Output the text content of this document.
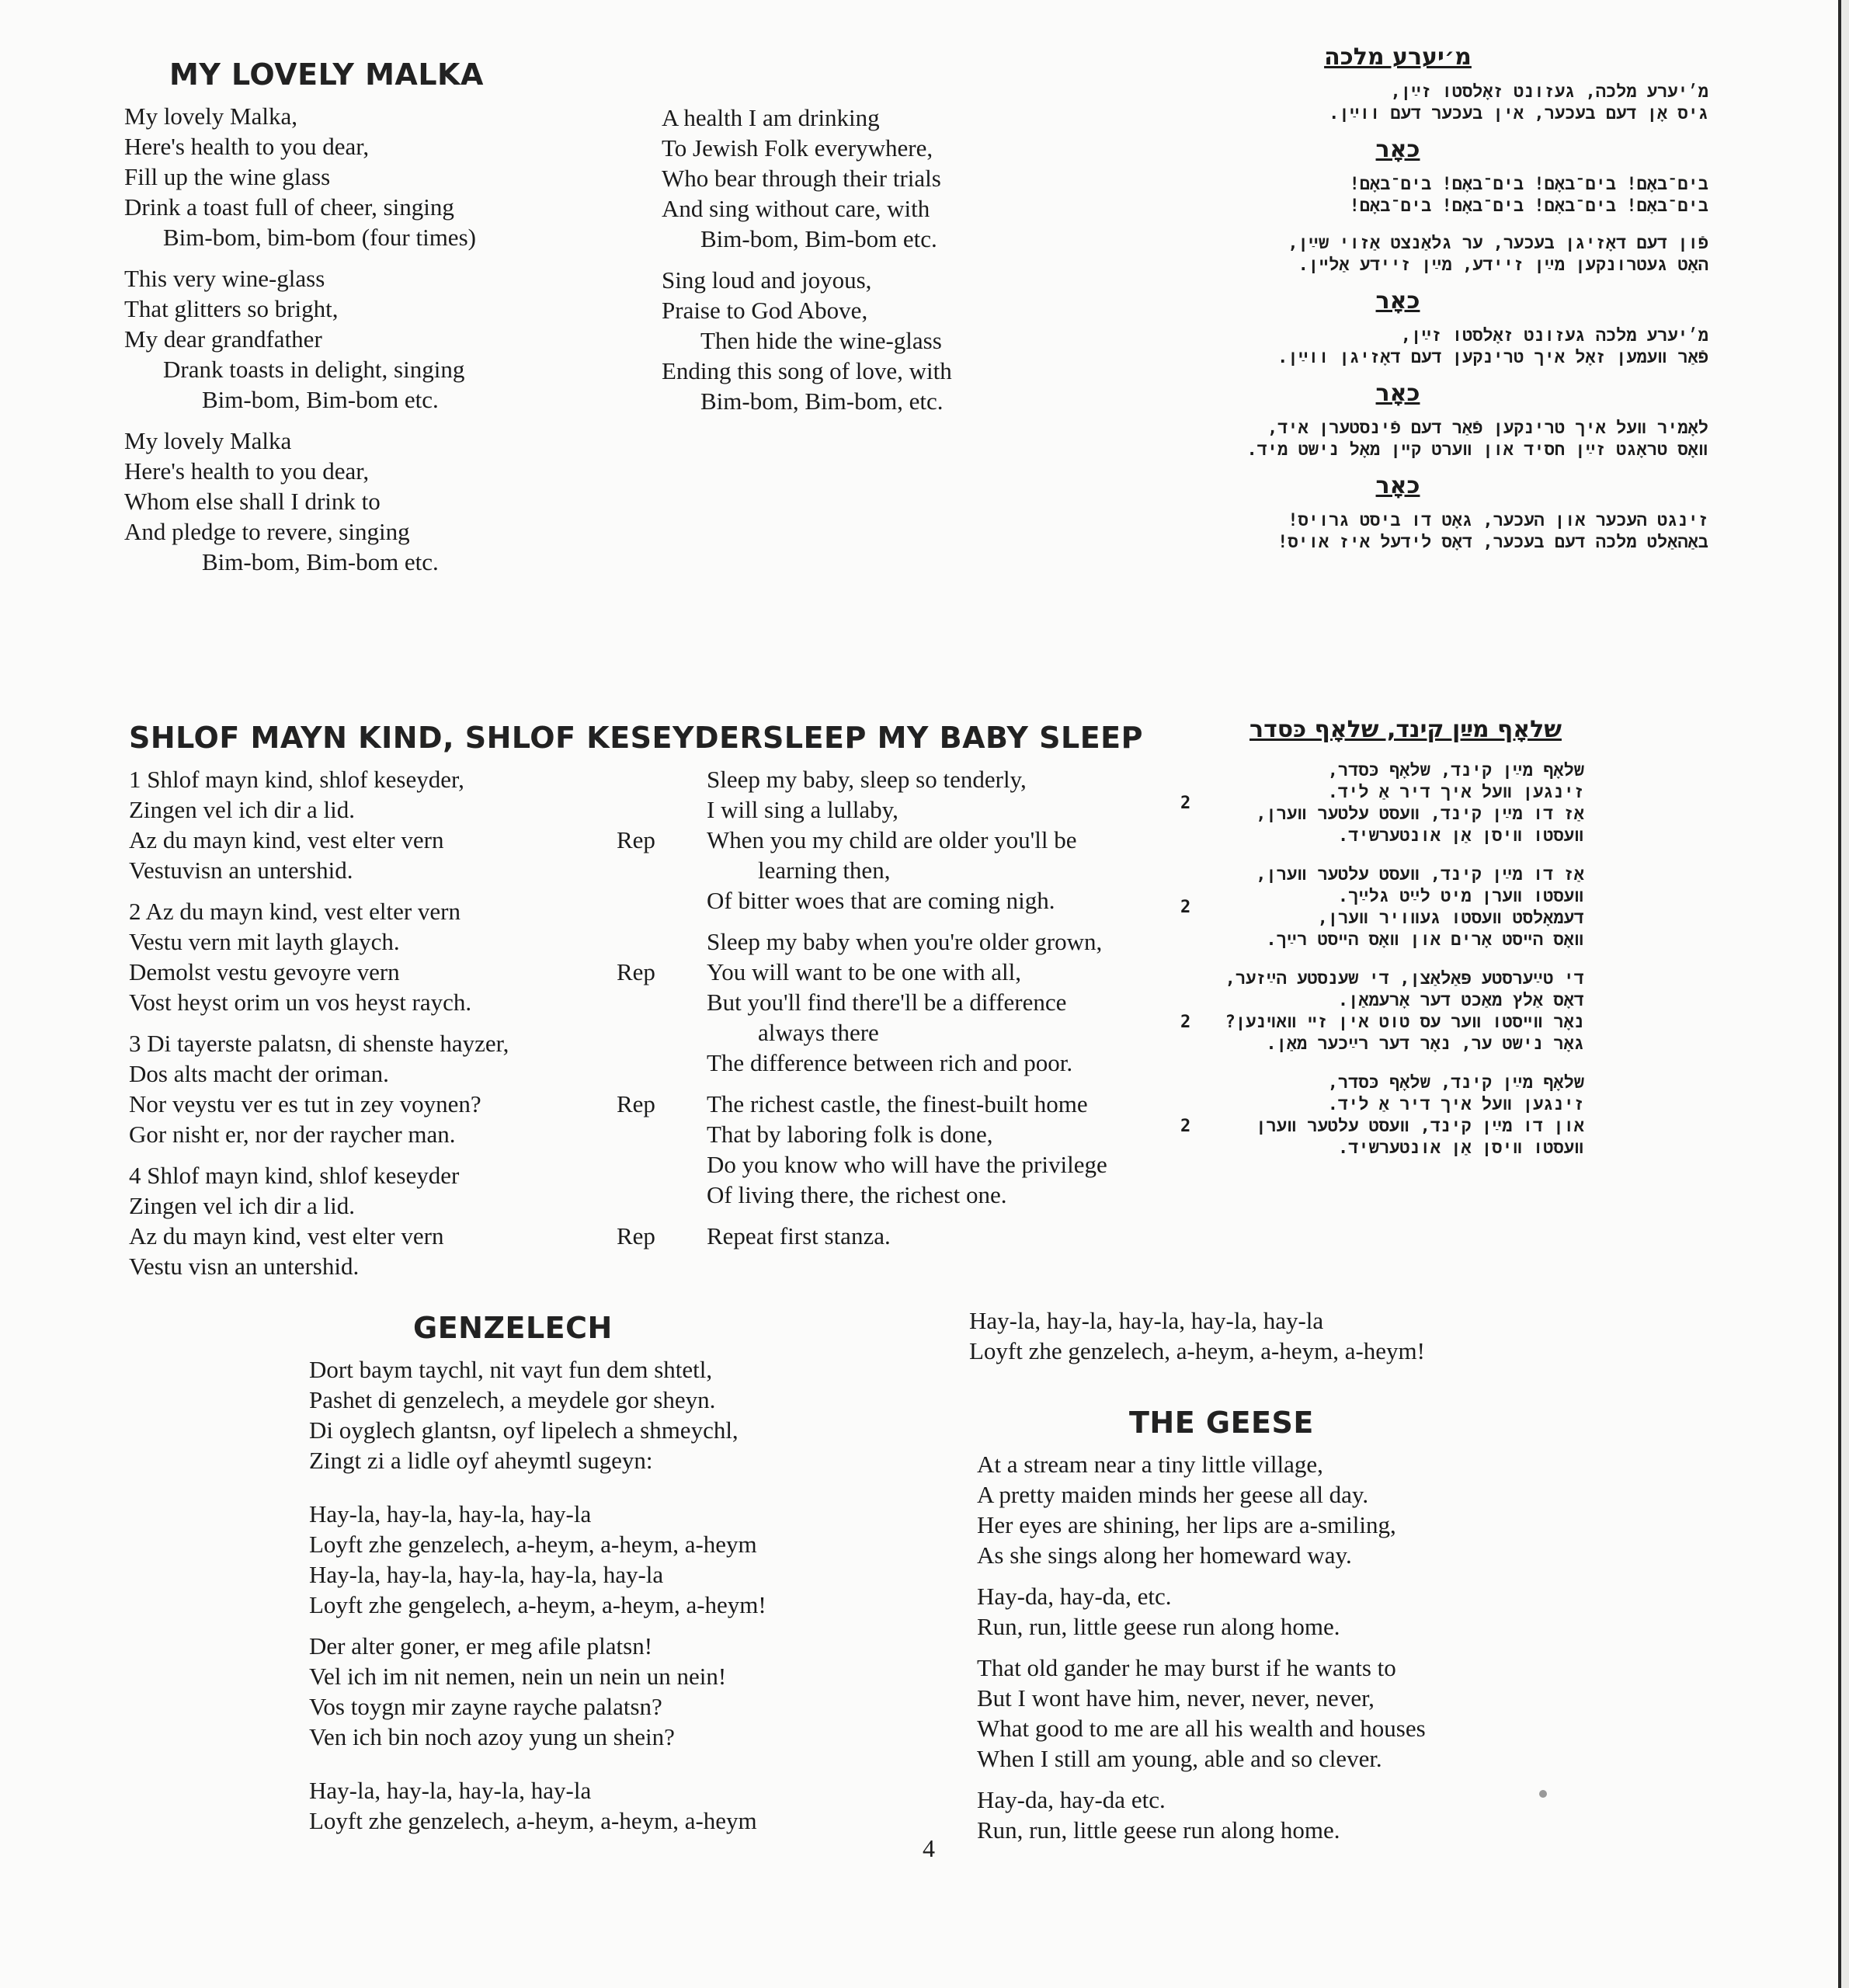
MY LOVELY MALKA
My lovely Malka,
Here's health to you dear,
Fill up the wine glass
Drink a toast full of cheer, singing
Bim-bom, bim-bom (four times)
This very wine-glass
That glitters so bright,
My dear grandfather
Drank toasts in delight, singing
Bim-bom, Bim-bom etc.
My lovely Malka
Here's health to you dear,
Whom else shall I drink to
And pledge to revere, singing
Bim-bom, Bim-bom etc.
A health I am drinking
To Jewish Folk everywhere,
Who bear through their trials
And sing without care, with
Bim-bom, Bim-bom etc.
Sing loud and joyous,
Praise to God Above,
Then hide the wine-glass
Ending this song of love, with
Bim-bom, Bim-bom, etc.
מ׳יערע מלכה
מ׳יערע מלכה, געזונט זאָלסטו זײַן,
גיס אָן דעם בעכער, אין בעכער דעם ווײַן.
כאָר
בים־באָם! בים־באָם! בים־באָם! בים־באָם!
בים־באָם! בים־באָם! בים־באָם! בים־באָם!
פֿון דעם דאָזיגן בעכער, ער גלאַנצט אַזוי שײַן,
האָט געטרונקען מײַן זיידע, מײַן זיידע אַלײן.
כאָר
מ׳יערע מלכה געזונט זאָלסטו זײַן,
פֿאַר װעמען זאָל איך טרינקען דעם דאָזיגן ווײַן.
כאָר
לאָמיר װעל איך טרינקען פֿאַר דעם פֿינסטערן איד,
װאָס טראָגט זײַן חסיד און װערט קײן מאָל נישט מיד.
כאָר
זינגט העכער און העכער, גאָט דו ביסט גרויס!
באַהאַלט מלכה דעם בעכער, דאָס לידעל איז אויס!
SHLOF MAYN KIND, SHLOF KESEYDER
1 Shlof mayn kind, shlof keseyder,
Zingen vel ich dir a lid.
Az du mayn kind, vest elter vern	Rep
Vestuvisn an untershid.
2 Az du mayn kind, vest elter vern
Vestu vern mit layth glaych.
Demolst vestu gevoyre vern	Rep
Vost heyst orim un vos heyst raych.
3 Di tayerste palatsn, di shenste hayzer,
Dos alts macht der oriman.
Nor veystu ver es tut in zey voynen?	Rep
Gor nisht er, nor der raycher man.
4 Shlof mayn kind, shlof keseyder
Zingen vel ich dir a lid.
Az du mayn kind, vest elter vern	Rep
Vestu visn an untershid.
SLEEP MY BABY SLEEP
Sleep my baby, sleep so tenderly,
I will sing a lullaby,
When you my child are older you'll be
learning then,
Of bitter woes that are coming nigh.
Sleep my baby when you're older grown,
You will want to be one with all,
But you'll find there'll be a difference
always there
The difference between rich and poor.
The richest castle, the finest-built home
That by laboring folk is done,
Do you know who will have the privilege
Of living there, the richest one.
Repeat first stanza.
שלאָף מײַן קינד, שלאָף כּסדר
שלאָף מײַן קינד, שלאָף כּסדר,
זינגען װעל איך דיר אַ ליד.
אַז דו מײַן קינד, װעסט עלטער װערן,
װעסטו װיסן אַן אונטערשיד.
2
אַז דו מײַן קינד, װעסט עלטער װערן,
װעסטו װערן מיט לײַט גלײַך.
דעמאָלסט װעסטו געװויר װערן,
װאָס הײסט אָרים און װאָס הײסט רײַך.
2
די טײַערסטע פּאַלאַצן, די שענסטע הײַזער,
דאָס אַלץ מאַכט דער אָרעמאַן.
נאָר װײסטו װער עס טוט אין זײ װאױנען?
גאָר נישט ער, נאָר דער רײַכער מאַן.
2
שלאָף מײַן קינד, שלאָף כּסדר,
זינגען װעל איך דיר אַ ליד.
און דו מײַן קינד, װעסט עלטער װערן
װעסטו װיסן אַן אונטערשיד.
2
GENZELECH
Dort baym taychl, nit vayt fun dem shtetl,
Pashet di genzelech, a meydele gor sheyn.
Di oyglech glantsn, oyf lipelech a shmeychl,
Zingt zi a lidle oyf aheymtl sugeyn:
Hay-la, hay-la, hay-la, hay-la
Loyft zhe genzelech, a-heym, a-heym, a-heym
Hay-la, hay-la, hay-la, hay-la, hay-la
Loyft zhe gengelech, a-heym, a-heym, a-heym!
Der alter goner, er meg afile platsn!
Vel ich im nit nemen, nein un nein un nein!
Vos toygn mir zayne rayche palatsn?
Ven ich bin noch azoy yung un shein?
Hay-la, hay-la, hay-la, hay-la
Loyft zhe genzelech, a-heym, a-heym, a-heym
Hay-la, hay-la, hay-la, hay-la, hay-la
Loyft zhe genzelech, a-heym, a-heym, a-heym!
THE GEESE
At a stream near a tiny little village,
A pretty maiden minds her geese all day.
Her eyes are shining, her lips are a-smiling,
As she sings along her homeward way.
Hay-da, hay-da, etc.
Run, run, little geese run along home.
That old gander he may burst if he wants to
But I wont have him, never, never, never,
What good to me are all his wealth and houses
When I still am young, able and so clever.
Hay-da, hay-da etc.
Run, run, little geese run along home.
4
